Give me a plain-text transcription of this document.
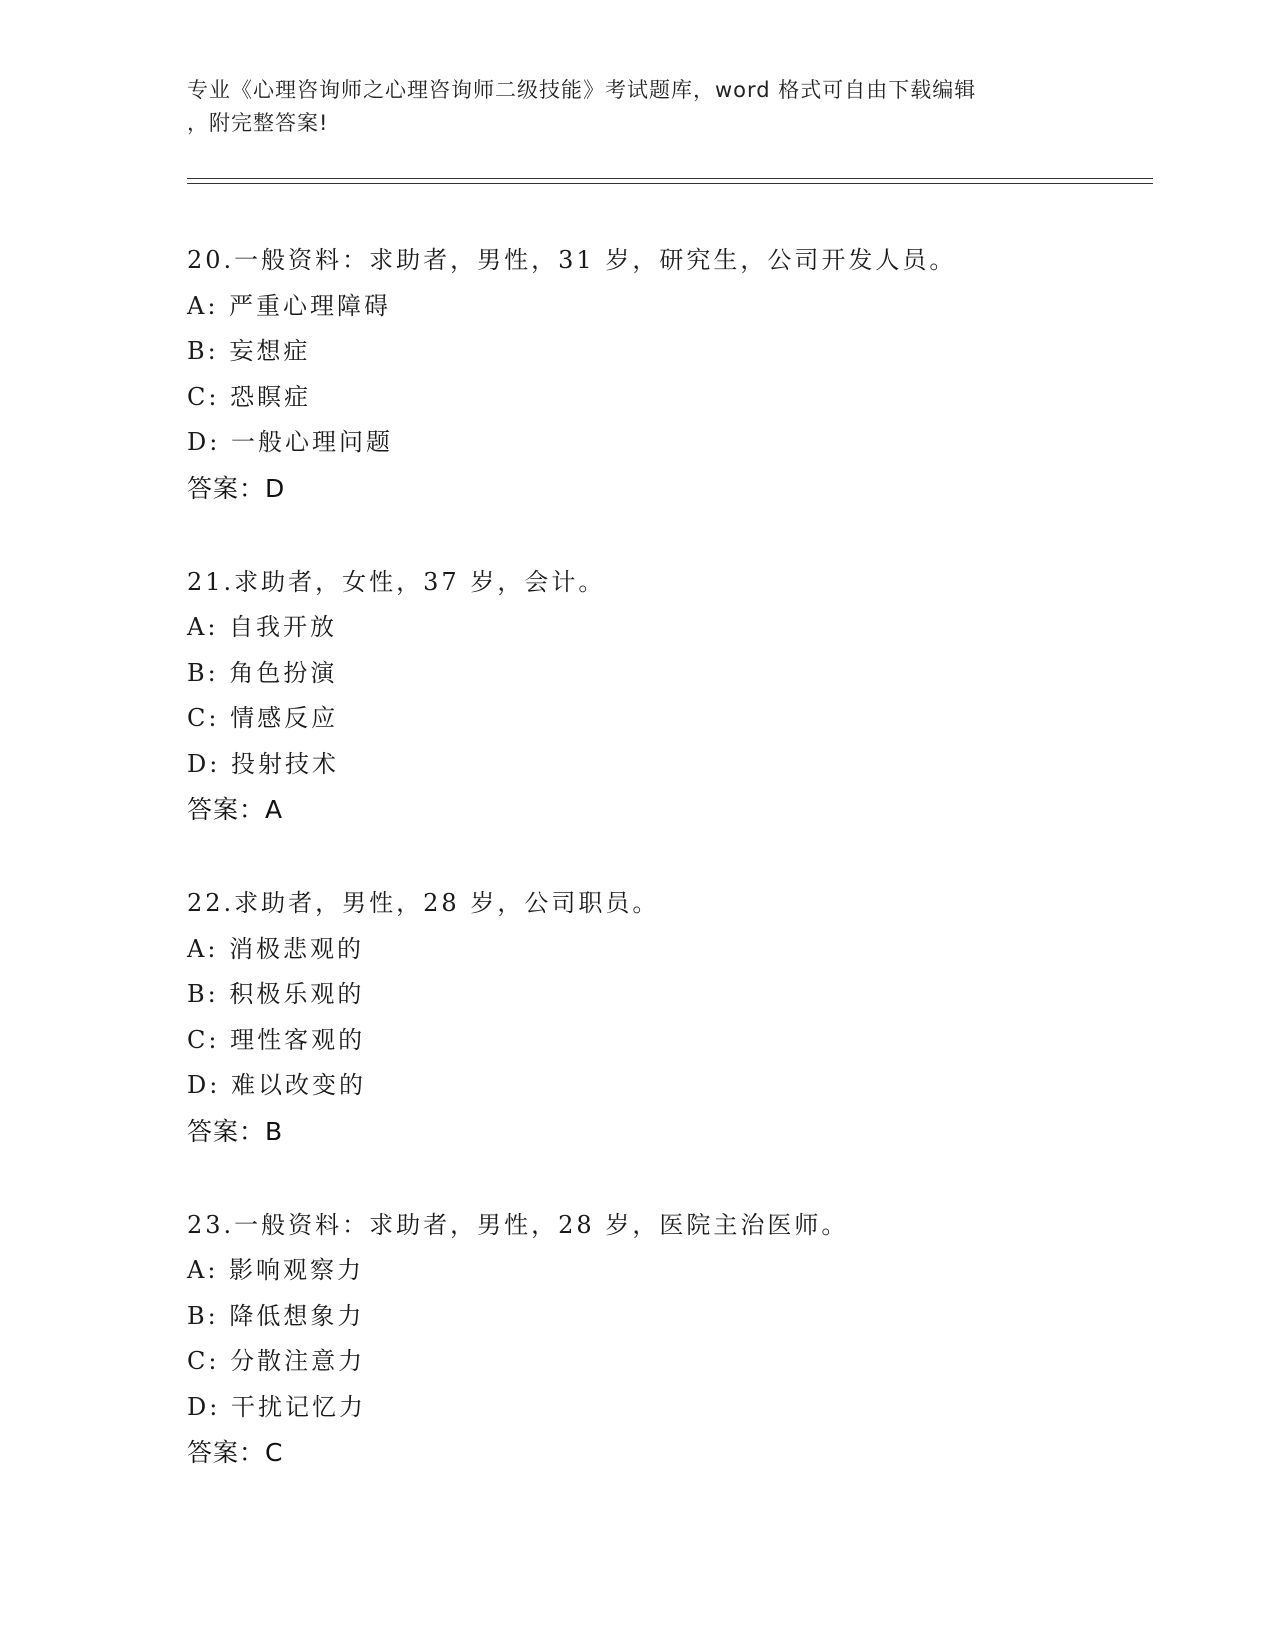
专业《心理咨询师之心理咨询师二级技能》考试题库，word 格式可自由下载编辑
，附完整答案!
20.一般资料：求助者，男性，31 岁，研究生，公司开发人员。
A: 严重心理障碍
B: 妄想症
C: 恐瞑症
D: 一般心理问题
答案：D
21.求助者，女性，37 岁，会计。
A: 自我开放
B: 角色扮演
C: 情感反应
D: 投射技术
答案：A
22.求助者，男性，28 岁，公司职员。
A: 消极悲观的
B: 积极乐观的
C: 理性客观的
D: 难以改变的
答案：B
23.一般资料：求助者，男性，28 岁，医院主治医师。
A: 影响观察力
B: 降低想象力
C: 分散注意力
D: 干扰记忆力
答案：C
